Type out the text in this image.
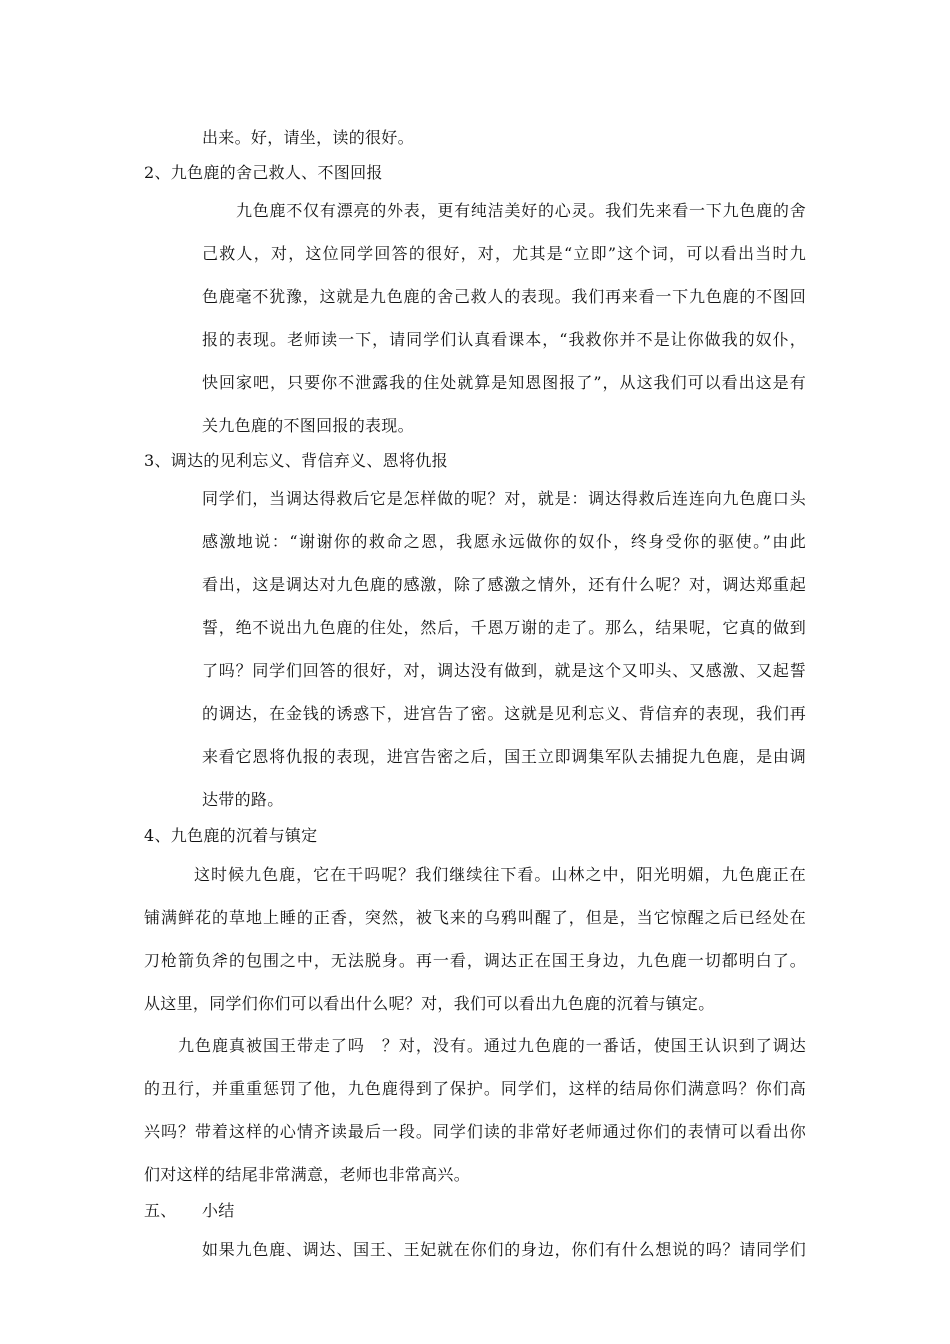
出来。好，请坐，读的很好。
2、九色鹿的舍己救人、不图回报
九色鹿不仅有漂亮的外表，更有纯洁美好的心灵。我们先来看一下九色鹿的舍
己救人，对，这位同学回答的很好，对，尤其是“立即”这个词，可以看出当时九
色鹿毫不犹豫，这就是九色鹿的舍己救人的表现。我们再来看一下九色鹿的不图回
报的表现。老师读一下，请同学们认真看课本，“我救你并不是让你做我的奴仆，
快回家吧，只要你不泄露我的住处就算是知恩图报了”，从这我们可以看出这是有
关九色鹿的不图回报的表现。
3、调达的见利忘义、背信弃义、恩将仇报
同学们，当调达得救后它是怎样做的呢？对，就是：调达得救后连连向九色鹿口头
感激地说：“谢谢你的救命之恩，我愿永远做你的奴仆，终身受你的驱使。”由此
看出，这是调达对九色鹿的感激，除了感激之情外，还有什么呢？对，调达郑重起
誓，绝不说出九色鹿的住处，然后，千恩万谢的走了。那么，结果呢，它真的做到
了吗？同学们回答的很好，对，调达没有做到，就是这个又叩头、又感激、又起誓
的调达，在金钱的诱惑下，进宫告了密。这就是见利忘义、背信弃的表现，我们再
来看它恩将仇报的表现，进宫告密之后，国王立即调集军队去捕捉九色鹿，是由调
达带的路。
4、九色鹿的沉着与镇定
这时候九色鹿，它在干吗呢？我们继续往下看。山林之中，阳光明媚，九色鹿正在
铺满鲜花的草地上睡的正香，突然，被飞来的乌鸦叫醒了，但是，当它惊醒之后已经处在
刀枪箭负斧的包围之中，无法脱身。再一看，调达正在国王身边，九色鹿一切都明白了。
从这里，同学们你们可以看出什么呢？对，我们可以看出九色鹿的沉着与镇定。
九色鹿真被国王带走了吗　？对，没有。通过九色鹿的一番话，使国王认识到了调达
的丑行，并重重惩罚了他，九色鹿得到了保护。同学们，这样的结局你们满意吗？你们高
兴吗？带着这样的心情齐读最后一段。同学们读的非常好老师通过你们的表情可以看出你
们对这样的结尾非常满意，老师也非常高兴。
五、 小结
如果九色鹿、调达、国王、王妃就在你们的身边，你们有什么想说的吗？请同学们
